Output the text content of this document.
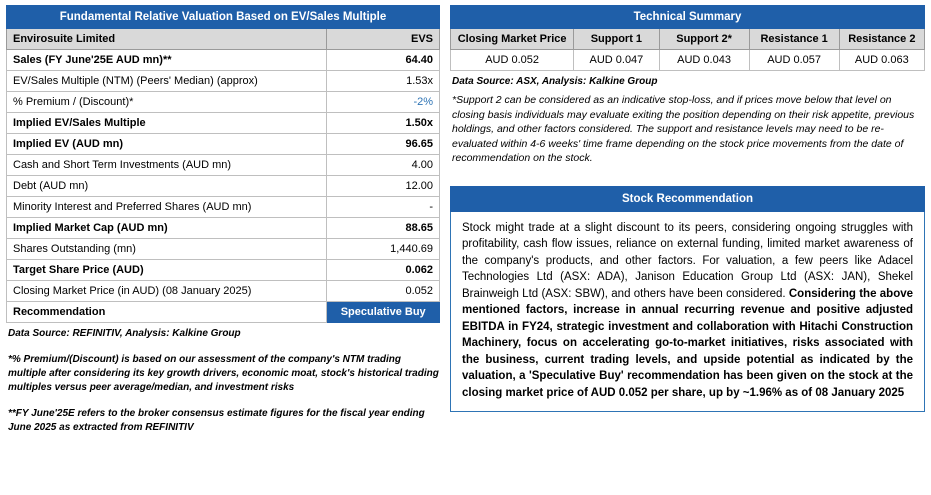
Fundamental Relative Valuation Based on EV/Sales Multiple	
Envirosuite Limited	EVS
Sales (FY June'25E AUD mn)**	64.40
EV/Sales Multiple (NTM) (Peers' Median) (approx)	1.53x
% Premium / (Discount)*	-2%
Implied EV/Sales Multiple	1.50x
Implied EV (AUD mn)	96.65
Cash and Short Term Investments (AUD mn)	4.00
Debt (AUD mn)	12.00
Minority Interest and Preferred Shares (AUD mn)	-
Implied Market Cap (AUD mn)	88.65
Shares Outstanding (mn)	1,440.69
Target Share Price (AUD)	0.062
Closing Market Price (in AUD) (08 January 2025)	0.052
Recommendation	Speculative Buy
Data Source: REFINITIV, Analysis: Kalkine Group
*% Premium/(Discount) is based on our assessment of the company's NTM trading multiple after considering its key growth drivers, economic moat, stock's historical trading multiples versus peer average/median, and investment risks
**FY June'25E refers to the broker consensus estimate figures for the fiscal year ending June 2025 as extracted from REFINITIV
Technical Summary				
Closing Market Price	Support 1	Support 2*	Resistance 1	Resistance 2
AUD 0.052	AUD 0.047	AUD 0.043	AUD 0.057	AUD 0.063
Data Source: ASX, Analysis: Kalkine Group
*Support 2 can be considered as an indicative stop-loss, and if prices move below that level on closing basis individuals may evaluate exiting the position depending on their risk appetite, previous holdings, and other factors considered. The support and resistance levels may need to be re-evaluated within 4-6 weeks' time frame depending on the stock price movements from the date of recommendation on the stock.
Stock Recommendation
Stock might trade at a slight discount to its peers, considering ongoing struggles with profitability, cash flow issues, reliance on external funding, limited market awareness of the company's products, and other factors. For valuation, a few peers like Adacel Technologies Ltd (ASX: ADA), Janison Education Group Ltd (ASX: JAN), Shekel Brainweigh Ltd (ASX: SBW), and others have been considered. Considering the above mentioned factors, increase in annual recurring revenue and positive adjusted EBITDA in FY24, strategic investment and collaboration with Hitachi Construction Machinery, focus on accelerating go-to-market initiatives, risks associated with the business, current trading levels, and upside potential as indicated by the valuation, a 'Speculative Buy' recommendation has been given on the stock at the closing market price of AUD 0.052 per share, up by ~1.96% as of 08 January 2025
